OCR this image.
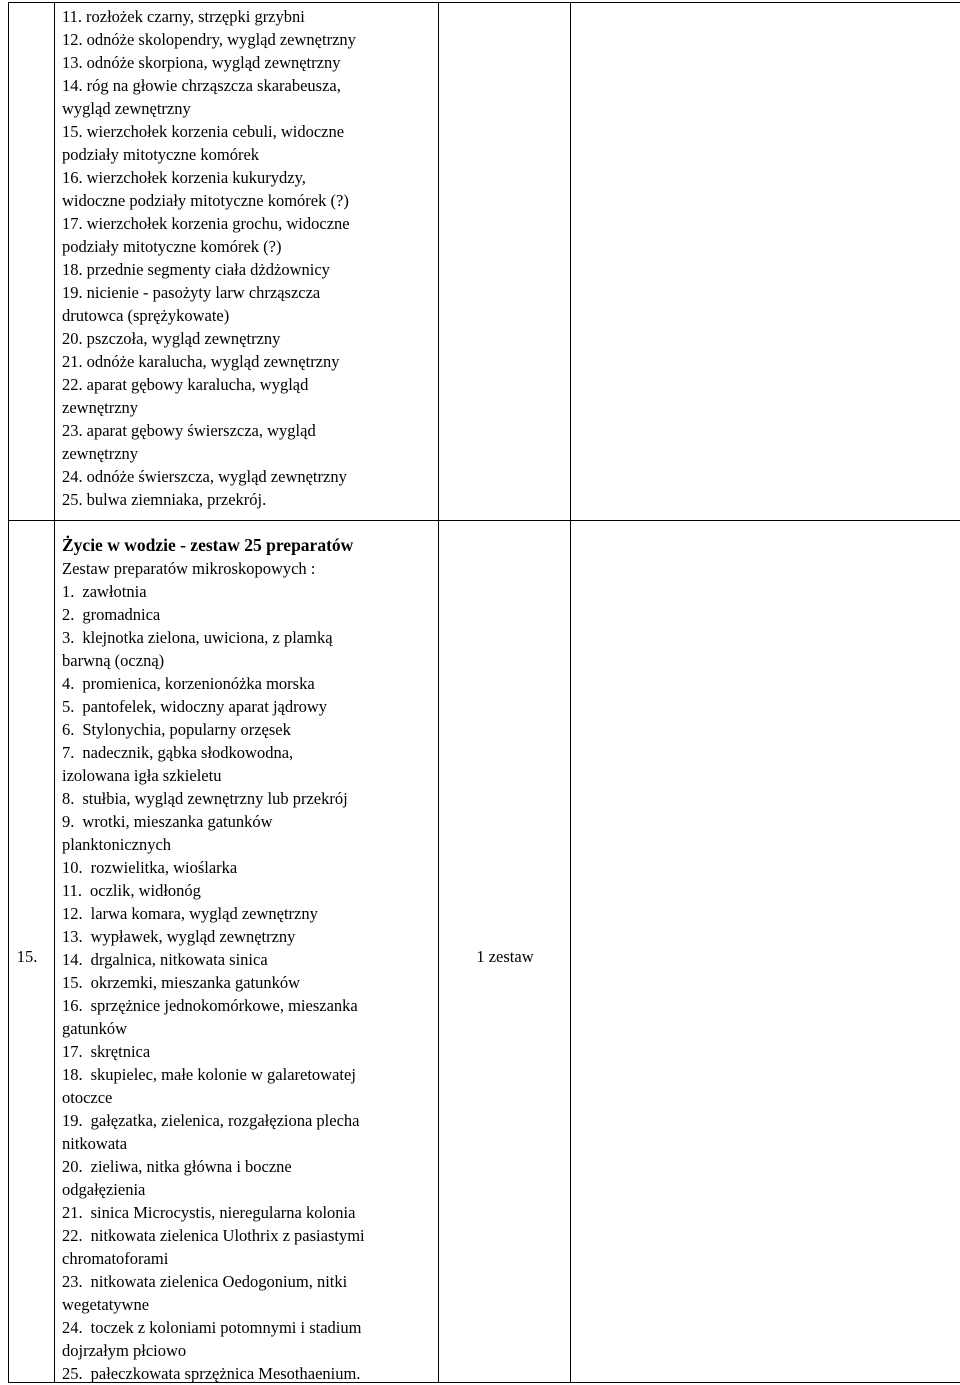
11. rozłożek czarny, strzępki grzybni
12. odnóże skolopendry, wygląd zewnętrzny
13. odnóże skorpiona, wygląd zewnętrzny
14. róg na głowie chrząszcza skarabeusza,
wygląd zewnętrzny
15. wierzchołek korzenia cebuli, widoczne
podziały mitotyczne komórek
16. wierzchołek korzenia kukurydzy,
widoczne podziały mitotyczne komórek (?)
17. wierzchołek korzenia grochu, widoczne
podziały mitotyczne komórek (?)
18. przednie segmenty ciała dżdżownicy
19. nicienie - pasożyty larw chrząszcza
drutowca (sprężykowate)
20. pszczoła, wygląd zewnętrzny
21. odnóże karalucha, wygląd zewnętrzny
22. aparat gębowy karalucha, wygląd
zewnętrzny
23. aparat gębowy świerszcza, wygląd
zewnętrzny
24. odnóże świerszcza, wygląd zewnętrzny
25. bulwa ziemniaka, przekrój.
15.
Życie w wodzie - zestaw 25 preparatów
Zestaw preparatów mikroskopowych :
1. zawłotnia
2. gromadnica
3. klejnotka zielona, uwiciona, z plamką
barwną (oczną)
4. promienica, korzenionóżka morska
5. pantofelek, widoczny aparat jądrowy
6. Stylonychia, popularny orzęsek
7. nadecznik, gąbka słodkowodna,
izolowana igła szkieletu
8. stułbia, wygląd zewnętrzny lub przekrój
9. wrotki, mieszanka gatunków
planktonicznych
10. rozwielitka, wioślarka
11. oczlik, widłonóg
12. larwa komara, wygląd zewnętrzny
13. wypławek, wygląd zewnętrzny
14. drgalnica, nitkowata sinica
15. okrzemki, mieszanka gatunków
16. sprzężnice jednokomórkowe, mieszanka
gatunków
17. skrętnica
18. skupielec, małe kolonie w galaretowatej
otoczce
19. gałęzatka, zielenica, rozgałęziona plecha
nitkowata
20. zieliwa, nitka główna i boczne
odgałęzienia
21. sinica Microcystis, nieregularna kolonia
22. nitkowata zielenica Ulothrix z pasiastymi
chromatoforami
23. nitkowata zielenica Oedogonium, nitki
wegetatywne
24. toczek z koloniami potomnymi i stadium
dojrzałym płciowo
25. pałeczkowata sprzężnica Mesothaenium.
1 zestaw
